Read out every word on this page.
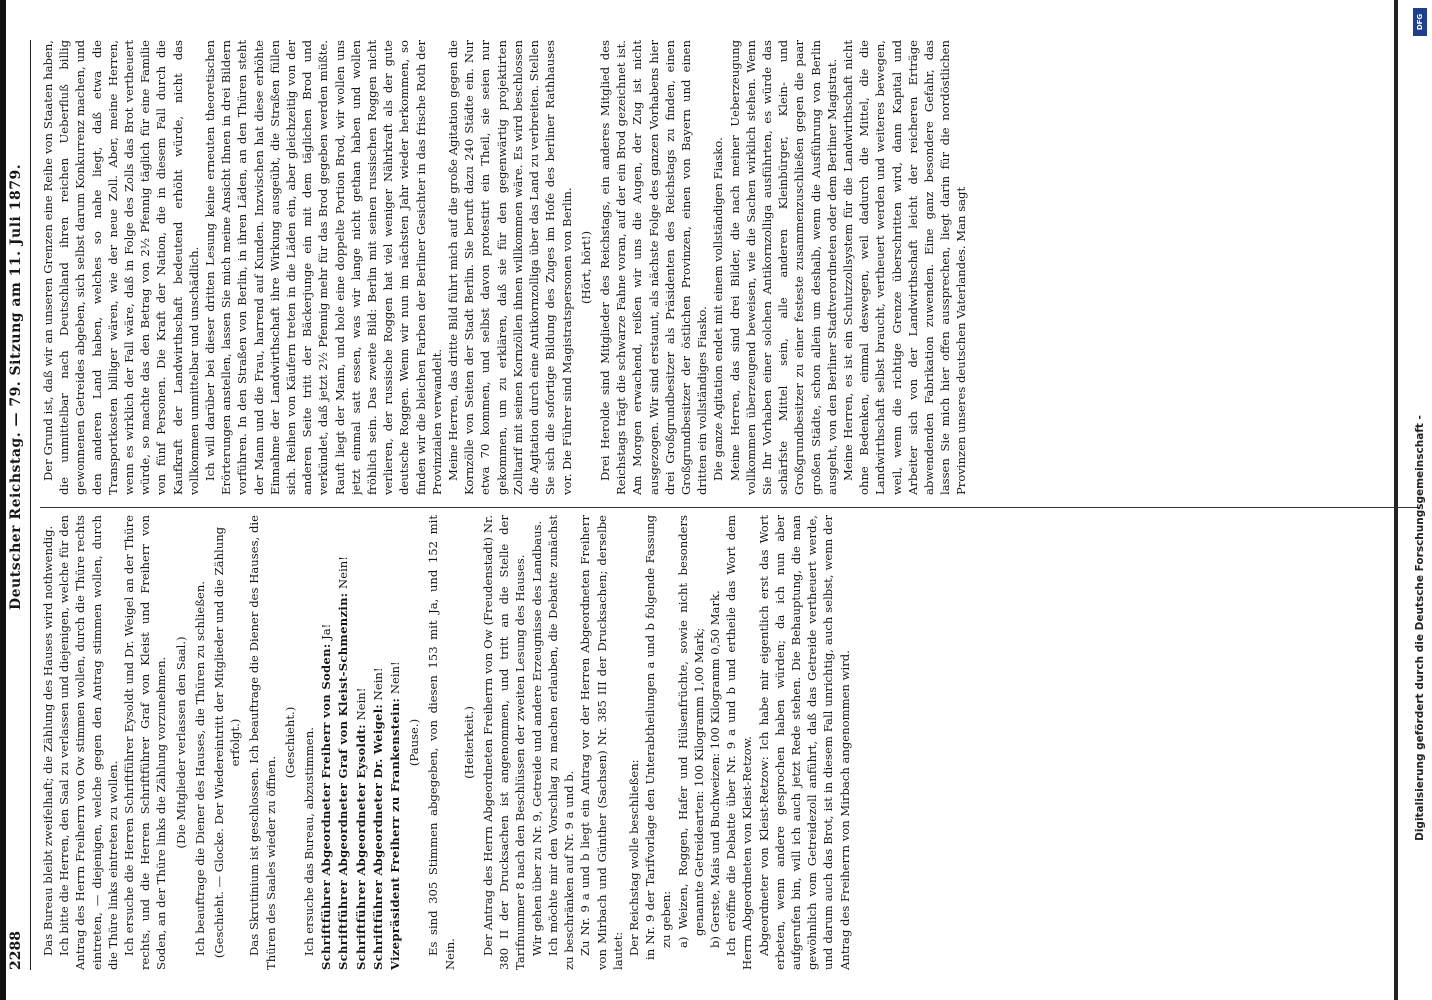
2288
Deutscher Reichstag. — 79. Sitzung am 11. Juli 1879.

Das Bureau bleibt zweifelhaft; die Zählung des Hauses wird nothwendig. Ich bitte die Herren, den Saal zu verlassen und diejenigen, welche für den Antrag des Herrn Freiherrn von Ow stimmen wollen, durch die Thüre rechts eintreten, — diejenigen, welche gegen den Antrag stimmen wollen, durch die Thüre links eintreten zu wollen. Ich ersuche die Herren Schriftführer Eysoldt und Dr. Weigel an der Thüre rechts, und die Herren Schriftführer Graf von Kleist und Freiherr von Soden, an der Thüre links die Zählung vorzunehmen. (Die Mitglieder verlassen den Saal.) Ich beauftrage die Diener des Hauses, die Thüren zu schließen. (Geschieht. — Glocke. Der Wiedereintritt der Mitglieder und die Zählung erfolgt.) Das Skrutinium ist geschlossen. Ich beauftrage die Diener des Hauses, die Thüren des Saales wieder zu öffnen.

(Geschieht.) Ich ersuche das Bureau, abzustimmen. Schriftführer Abgeordneter Freiherr von Soden: Ja! Schriftführer Abgeordneter Graf von Kleist-Schmenzin: Nein!

Schriftführer Abgeordneter Eysoldt: Nein! Schriftführer Abgeordneter Dr. Weigel: Nein!

Vizepräsident Freiherr zu Frankenstein: Nein!

(Pause.) Es sind 305 Stimmen abgegeben, von diesen 153 mit Ja, und 152 mit Nein.

(Heiterkeit.) Der Antrag des Herrn Abgeordneten Freiherrn von Ow (Freudenstadt) Nr. 380 II der Drucksachen ist angenommen, und tritt an die Stelle der Tarifnummer 8 nach den Beschlüssen der zweiten Lesung des Hauses. Wir gehen über zu Nr. 9, Getreide und andere Erzeugnisse des Landbaus. Ich möchte mir den Vorschlag zu machen erlauben, die Debatte zunächst zu beschränken auf Nr. 9 a und b. Zu Nr. 9 a und b liegt ein Antrag vor der Herren Abgeordneten Freiherr von Mirbach und Günther (Sachsen) Nr. 385 III der Drucksachen; derselbe lautet: Der Reichstag wolle beschließen: in Nr. 9 der Tarifvorlage den Unterabtheilungen a und b folgende Fassung zu geben: a) Weizen, Roggen, Hafer und Hülsenfrüchte, sowie nicht besonders genannte Getreidearten: 100 Kilogramm 1,00 Mark; b) Gerste, Mais und Buchweizen: 100 Kilogramm 0,50 Mark. Ich eröffne die Debatte über Nr. 9 a und b und ertheile das Wort dem Herrn Abgeordneten von Kleist-Retzow. Abgeordneter von Kleist-Retzow: Ich habe mir eigentlich erst das Wort erbeten, wenn andere gesprochen haben würden; da ich nun aber aufgerufen bin, will ich auch jetzt Rede stehen. Die Behauptung, die man gewöhnlich vom Getreidezoll anführt, daß das Getreide vertheuert werde, und darum auch das Brot, ist in diesem Fall unrichtig, auch selbst, wenn der Antrag des Freiherrn von Mirbach angenommen wird.

Der Grund ist, daß wir an unseren Grenzen eine Reihe von Staaten haben, die unmittelbar nach Deutschland ihren reichen Ueberfluß billig gewonnenen Getreides abgeben, sich selbst darum Konkurrenz machen, und den anderen Land haben, welches so nahe liegt, daß etwa die Transportkosten billiger wären, wie der neue Zoll. Aber, meine Herren, wenn es wirklich der Fall wäre, daß in Folge des Zolls das Brot vertheuert würde, so machte das den Betrag von 2½ Pfennig täglich für eine Familie von fünf Personen. Die Kraft der Nation, die in diesem Fall durch die Kaufkraft der Landwirthschaft bedeutend erhöht würde, nicht das vollkommen unmittelbar und unschädlich. Ich will darüber bei dieser dritten Lesung keine erneuten theoretischen Erörterungen anstellen, lassen Sie mich meine Ansicht Ihnen in drei Bildern vorführen. In den Straßen von Berlin, in ihren Läden, an den Thüren steht der Mann und die Frau, harrend auf Kunden. Inzwischen hat diese erhöhte Einnahme der Landwirthschaft ihre Wirkung ausgeübt, die Straßen füllen sich. Reihen von Käufern treten in die Läden ein, aber gleichzeitig von der anderen Seite tritt der Bäckerjunge ein mit dem täglichen Brod und verkündet, daß jetzt 2½ Pfennig mehr für das Brod gegeben werden müßte. Rauft liegt der Mann, und hole eine doppelte Portion Brod, wir wollen uns jetzt einmal satt essen, was wir lange nicht gethan haben und wollen fröhlich sein. Das zweite Bild: Berlin mit seinen russischen Roggen nicht verlieren, der russische Roggen hat viel weniger Nährkraft als der gute deutsche Roggen. Wenn wir nun im nächsten Jahr wieder herkommen, so finden wir die bleichen Farben der Berliner Gesichter in das frische Roth der Provinzialen verwandelt. Meine Herren, das dritte Bild führt mich auf die große Agitation gegen die Kornzölle von Seiten der Stadt Berlin. Sie beruft dazu 240 Städte ein. Nur etwa 70 kommen, und selbst davon protestirt ein Theil, sie seien nur gekommen, um zu erklären, daß sie für den gegenwärtig projektirten Zolltarif mit seinen Kornzöllen ihnen willkommen wäre. Es wird beschlossen die Agitation durch eine Antikornzolliga über das Land zu verbreiten. Stellen Sie sich die sofortige Bildung des Zuges im Hofe des berliner Rathhauses vor. Die Führer sind Magistratspersonen von Berlin. (Hört, hört!) Drei Herolde sind Mitglieder des Reichstags, ein anderes Mitglied des Reichstags trägt die schwarze Fahne voran, auf der ein Brod gezeichnet ist. Am Morgen erwachend, reißen wir uns die Augen, der Zug ist nicht ausgezogen. Wir sind erstaunt, als nächste Folge des ganzen Vorhabens hier drei Großgrundbesitzer als Präsidenten des Reichstags zu finden, einen Großgrundbesitzer der östlichen Provinzen, einen von Bayern und einen dritten ein vollständiges Fiasko. Die ganze Agitation endet mit einem vollständigen Fiasko. Meine Herren, das sind drei Bilder, die nach meiner Ueberzeugung vollkommen überzeugend beweisen, wie die Sachen wirklich stehen. Wenn Sie Ihr Vorhaben einer solchen Antikornzolliga ausführten, es würde das schärfste Mittel sein, alle anderen Kleinbürger, Klein- und Großgrundbesitzer zu einer festeste zusammenzuschließen gegen die paar großen Städte, schon allein um deshalb, wenn die Ausführung von Berlin ausgeht, von den Berliner Stadtverordneten oder dem Berliner Magistrat. Meine Herren, es ist ein Schutzzollsystem für die Landwirthschaft nicht ohne Bedenken, einmal deswegen, weil dadurch die Mittel, die die Landwirthschaft selbst braucht, vertheuert werden und weiteres bewegen, weil, wenn die richtige Grenze überschritten wird, dann Kapital und Arbeiter sich von der Landwirthschaft leicht der reicheren Erträge abwendenden Fabrikation zuwenden. Eine ganz besondere Gefahr, das lassen Sie mich hier offen aussprechen, liegt darin für die nordöstlichen Provinzen unseres deutschen Vaterlandes. Man sagt

Digitalisierung gefördert durch die Deutsche Forschungsgemeinschaft -
DFG
